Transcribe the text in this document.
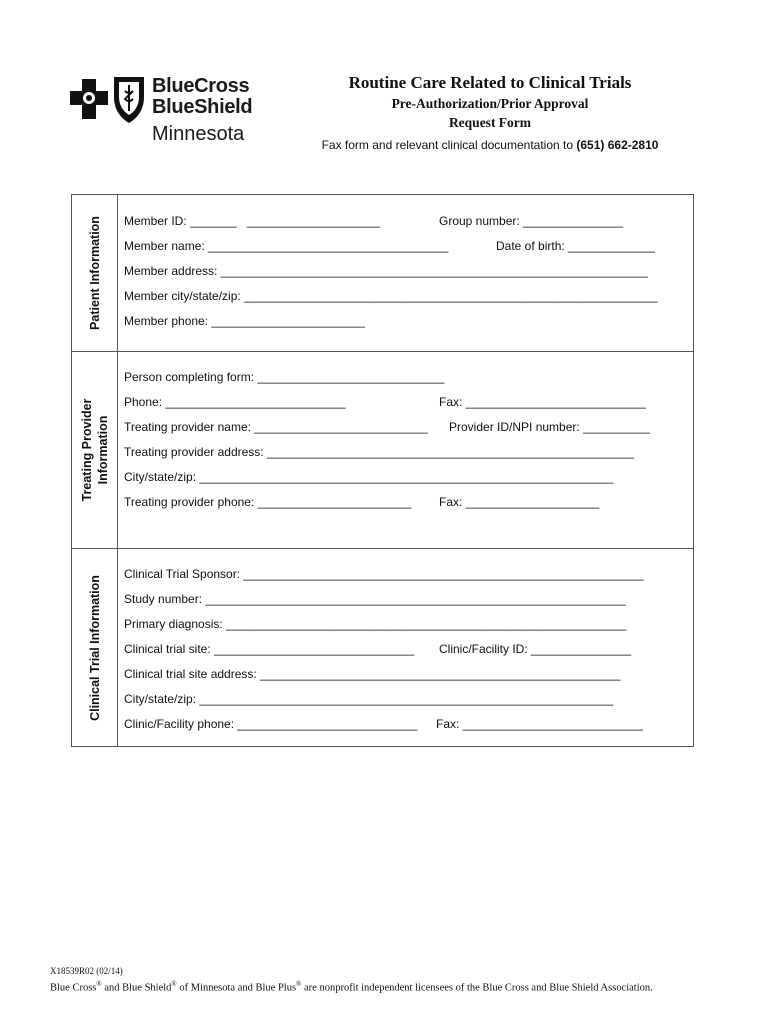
BlueCross
BlueShield
Minnesota
Routine Care Related to Clinical Trials
Pre-Authorization/Prior Approval
Request Form
Fax form and relevant clinical documentation to (651) 662-2810
Patient Information Member ID: _______   ____________________	Group number: _______________
Member name: ____________________________________	Date of birth: _____________
Member address: ________________________________________________________________
Member city/state/zip: ______________________________________________________________
Member phone: _______________________
Treating Provider Information
Person completing form: ____________________________
Phone: ___________________________	Fax: ___________________________
Treating provider name: __________________________ Provider ID/NPI number: __________
Treating provider address: _______________________________________________________
City/state/zip: ______________________________________________________________
Treating provider phone: _______________________ Fax: ____________________
Clinical Trial Information
Clinical Trial Sponsor: ____________________________________________________________
Study number: _______________________________________________________________
Primary diagnosis: ____________________________________________________________
Clinical trial site: ______________________________ Clinic/Facility ID: _______________
Clinical trial site address: ______________________________________________________
City/state/zip: ______________________________________________________________
Clinic/Facility phone: ___________________________ Fax: ___________________________
X18539R02 (02/14)
Blue Cross® and Blue Shield® of Minnesota and Blue Plus® are nonprofit independent licensees of the Blue Cross and Blue Shield Association.
